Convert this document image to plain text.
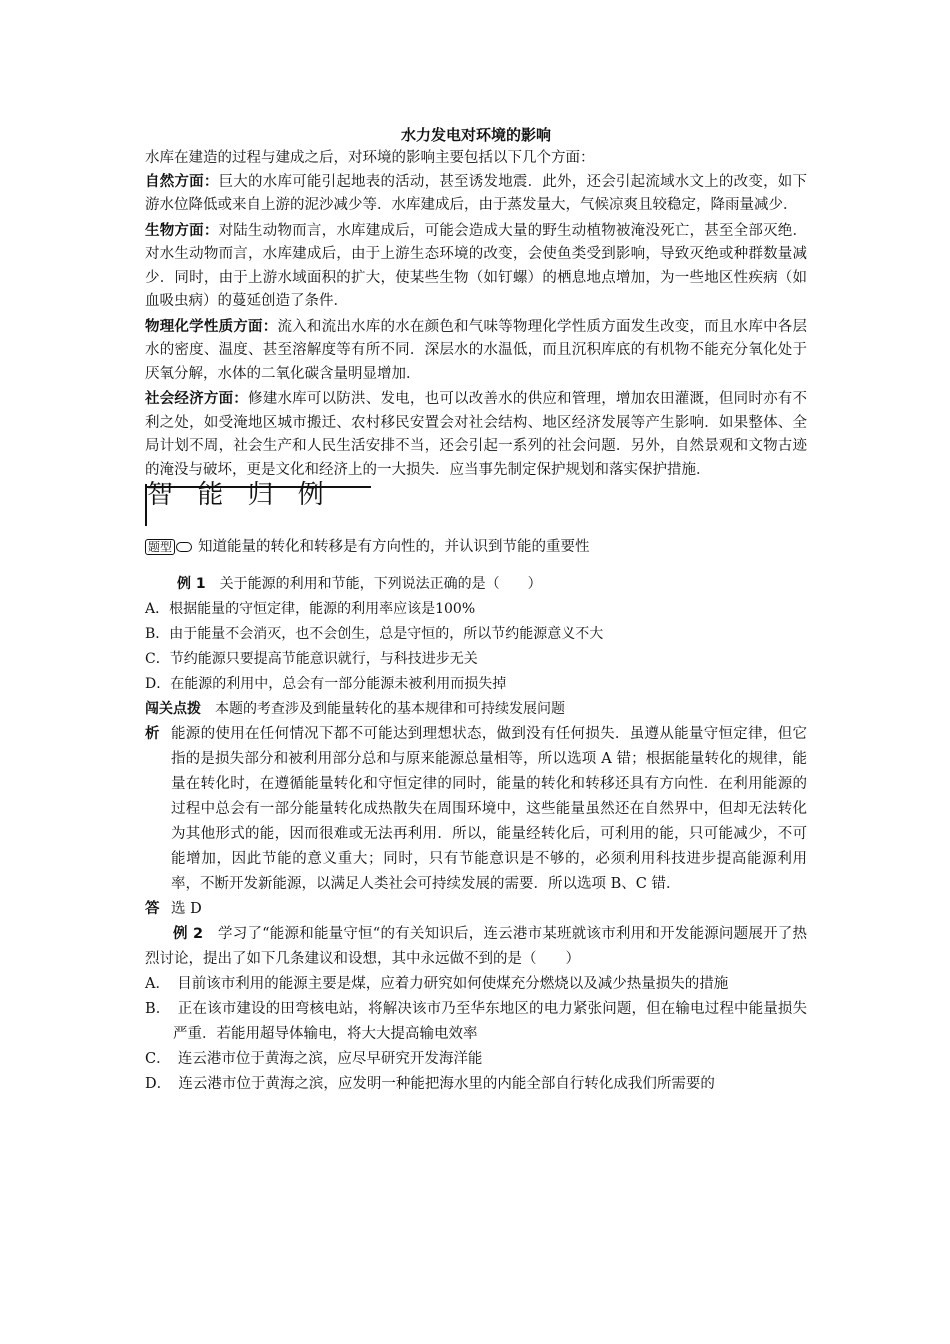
水力发电对环境的影响

水库在建造的过程与建成之后，对环境的影响主要包括以下几个方面：

自然方面：巨大的水库可能引起地表的活动，甚至诱发地震．此外，还会引起流域水文上的改变，如下游水位降低或来自上游的泥沙减少等．水库建成后，由于蒸发量大，气候凉爽且较稳定，降雨量减少．

生物方面：对陆生动物而言，水库建成后，可能会造成大量的野生动植物被淹没死亡，甚至全部灭绝．对水生动物而言，水库建成后，由于上游生态环境的改变，会使鱼类受到影响，导致灭绝或种群数量减少．同时，由于上游水域面积的扩大，使某些生物（如钉螺）的栖息地点增加，为一些地区性疾病（如血吸虫病）的蔓延创造了条件．

物理化学性质方面：流入和流出水库的水在颜色和气味等物理化学性质方面发生改变，而且水库中各层水的密度、温度、甚至溶解度等有所不同．深层水的水温低，而且沉积库底的有机物不能充分氧化处于厌氧分解，水体的二氧化碳含量明显增加．

社会经济方面：修建水库可以防洪、发电，也可以改善水的供应和管理，增加农田灌溉，但同时亦有不利之处，如受淹地区城市搬迁、农村移民安置会对社会结构、地区经济发展等产生影响．如果整体、全局计划不周，社会生产和人民生活安排不当，还会引起一系列的社会问题．另外，自然景观和文物古迹的淹没与破坏，更是文化和经济上的一大损失．应当事先制定保护规划和落实保护措施．

智 能 归 例
题型 知道能量的转化和转移是有方向性的，并认识到节能的重要性
例 1　 关于能源的利用和节能，下列说法正确的是（　　）
A．根据能量的守恒定律，能源的利用率应该是100%
B．由于能量不会消灭，也不会创生，总是守恒的，所以节约能源意义不大
C．节约能源只要提高节能意识就行，与科技进步无关
D．在能源的利用中，总会有一部分能源未被利用而损失掉
闯关点拨　 本题的考查涉及到能量转化的基本规律和可持续发展问题
析 能源的使用在任何情况下都不可能达到理想状态，做到没有任何损失．虽遵从能量守恒定律，但它指的是损失部分和被利用部分总和与原来能源总量相等，所以选项 A 错；根据能量转化的规律，能量在转化时，在遵循能量转化和守恒定律的同时，能量的转化和转移还具有方向性．在利用能源的过程中总会有一部分能量转化成热散失在周围环境中，这些能量虽然还在自然界中，但却无法转化为其他形式的能，因而很难或无法再利用．所以，能量经转化后，可利用的能，只可能减少，不可能增加，因此节能的意义重大；同时，只有节能意识是不够的，必须利用科技进步提高能源利用率，不断开发新能源，以满足人类社会可持续发展的需要．所以选项 B、C 错．
答 选 D

例 2　 学习了“能源和能量守恒“的有关知识后，连云港市某班就该市利用和开发能源问题展开了热烈讨论，提出了如下几条建议和设想，其中永远做不到的是（　　）

A．　目前该市利用的能源主要是煤，应着力研究如何使煤充分燃烧以及减少热量损失的措施

B．　正在该市建设的田弯核电站，将解决该市乃至华东地区的电力紧张问题，但在输电过程中能量损失严重．若能用超导体输电，将大大提高输电效率

C．　连云港市位于黄海之滨，应尽早研究开发海洋能

D．　连云港市位于黄海之滨，应发明一种能把海水里的内能全部自行转化成我们所需要的
